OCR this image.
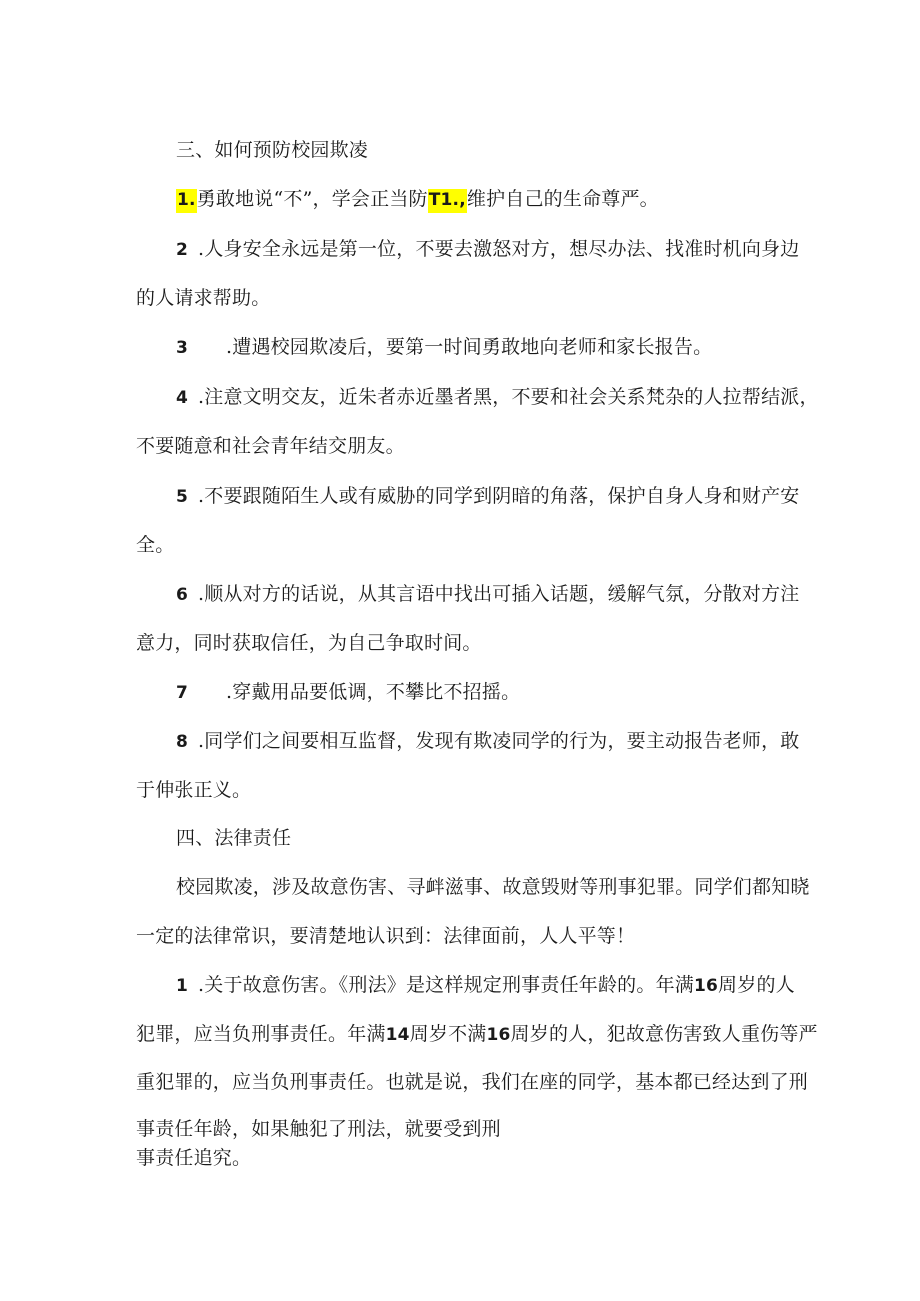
三、如何预防校园欺凌
1.勇敢地说“不”，学会正当防T1.,维护自己的生命尊严。
2 .人身安全永远是第一位，不要去激怒对方，想尽办法、找准时机向身边
的人请求帮助。
3 .遭遇校园欺凌后，要第一时间勇敢地向老师和家长报告。
4 .注意文明交友，近朱者赤近墨者黑，不要和社会关系梵杂的人拉帮结派，
不要随意和社会青年结交朋友。
5 .不要跟随陌生人或有威胁的同学到阴暗的角落，保护自身人身和财产安
全。
6 .顺从对方的话说，从其言语中找出可插入话题，缓解气氛，分散对方注
意力，同时获取信任，为自己争取时间。
7 .穿戴用品要低调，不攀比不招摇。
8 .同学们之间要相互监督，发现有欺凌同学的行为，要主动报告老师，敢
于伸张正义。
四、法律责任
校园欺凌，涉及故意伤害、寻衅滋事、故意毁财等刑事犯罪。同学们都知晓
一定的法律常识，要清楚地认识到：法律面前，人人平等！
1 .关于故意伤害。《刑法》是这样规定刑事责任年龄的。年满16周岁的人
犯罪，应当负刑事责任。年满14周岁不满16周岁的人，犯故意伤害致人重伤等严
重犯罪的，应当负刑事责任。也就是说，我们在座的同学，基本都已经达到了刑
事责任年龄，如果触犯了刑法，就要受到刑
事责任追究。
